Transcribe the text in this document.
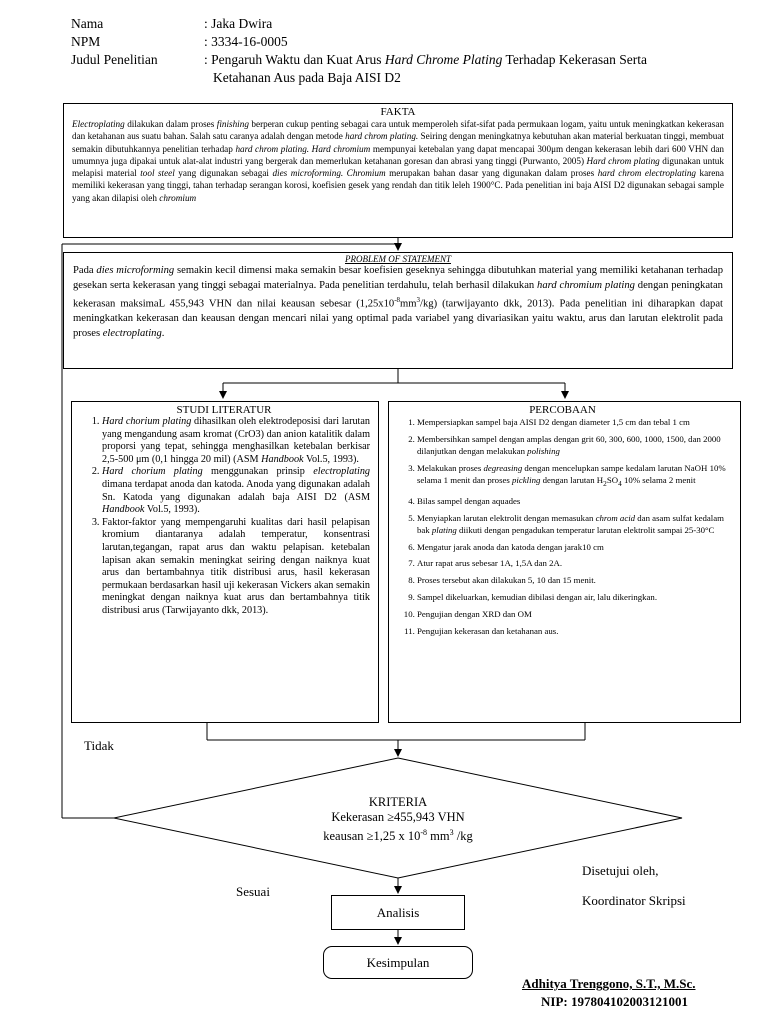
Nama	: Jaka Dwira
NPM	: 3334-16-0005
Judul Penelitian	: Pengaruh Waktu dan Kuat Arus Hard Chrome Plating Terhadap Kekerasan Serta
Ketahanan Aus pada Baja AISI D2
FAKTA
Electroplating dilakukan dalam proses finishing berperan cukup penting sebagai cara untuk memperoleh sifat-sifat pada permukaan logam, yaitu untuk meningkatkan kekerasan dan ketahanan aus suatu bahan. Salah satu caranya adalah dengan metode hard chrom plating. Seiring dengan meningkatnya kebutuhan akan material berkuatan tinggi, membuat semakin dibutuhkannya penelitian terhadap hard chrom plating. Hard chromium mempunyai ketebalan yang dapat mencapai 300μm dengan kekerasan lebih dari 600 VHN dan umumnya juga dipakai untuk alat-alat industri yang bergerak dan memerlukan ketahanan goresan dan abrasi yang tinggi (Purwanto, 2005) Hard chrom plating digunakan untuk melapisi material tool steel yang digunakan sebagai dies microforming. Chromium merupakan bahan dasar yang digunakan dalam proses hard chrom electroplating karena memiliki kekerasan yang tinggi, tahan terhadap serangan korosi, koefisien gesek yang rendah dan titik leleh 1900°C. Pada penelitian ini baja AISI D2 digunakan sebagai sample yang akan dilapisi oleh chromium
PROBLEM OF STATEMENT
Pada dies microforming semakin kecil dimensi maka semakin besar koefisien geseknya sehingga dibutuhkan material yang memiliki ketahanan terhadap gesekan serta kekerasan yang tinggi sebagai materialnya. Pada penelitian terdahulu, telah berhasil dilakukan hard chromium plating dengan peningkatan kekerasan maksimaL 455,943 VHN dan nilai keausan sebesar $(1,25x10^{-8}mm^3/kg)$ (tarwijayanto dkk, 2013). Pada penelitian ini diharapkan dapat meningkatkan kekerasan dan keausan dengan mencari nilai yang optimal pada variabel yang divariasikan yaitu waktu, arus dan larutan elektrolit pada proses electroplating.
STUDI LITERATUR
1. Hard chorium plating dihasilkan oleh elektrodeposisi dari larutan yang mengandung asam kromat (CrO3) dan anion katalitik dalam proporsi yang tepat, sehingga menghasilkan ketebalan berkisar 2,5-500 μm (0,1 hingga 20 mil) (ASM Handbook Vol.5, 1993).
2. Hard chorium plating menggunakan prinsip electroplating dimana terdapat anoda dan katoda. Anoda yang digunakan adalah Sn. Katoda yang digunakan adalah baja AISI D2 (ASM Handbook Vol.5, 1993).
3. Faktor-faktor yang mempengaruhi kualitas dari hasil pelapisan kromium diantaranya adalah temperatur, konsentrasi larutan,tegangan, rapat arus dan waktu pelapisan. ketebalan lapisan akan semakin meningkat seiring dengan naiknya kuat arus dan bertambahnya titik distribusi arus, hasil kekerasan permukaan berdasarkan hasil uji kekerasan Vickers akan semakin meningkat dengan naiknya kuat arus dan bertambahnya titik distribusi arus (Tarwijayanto dkk, 2013).
PERCOBAAN
1. Mempersiapkan sampel baja AISI D2 dengan diameter 1,5 cm dan tebal 1 cm
2. Membersihkan sampel dengan amplas dengan grit 60, 300, 600, 1000, 1500, dan 2000 dilanjutkan dengan melakukan polishing
3. Melakukan proses degreasing dengan mencelupkan sampe kedalam larutan NaOH 10% selama 1 menit dan proses pickling dengan larutan $H_2SO_4$ 10% selama 2 menit
4. Bilas sampel dengan aquades
5. Menyiapkan larutan elektrolit dengan memasukan chrom acid dan asam sulfat kedalam bak plating diikuti dengan pengadukan temperatur larutan elektrolit sampai 25-30°C
6. Mengatur jarak anoda dan katoda dengan jarak10 cm
7. Atur rapat arus sebesar 1A, 1,5A dan 2A.
8. Proses tersebut akan dilakukan 5, 10 dan 15 menit.
9. Sampel dikeluarkan, kemudian dibilasi dengan air, lalu dikeringkan.
10. Pengujian dengan XRD dan OM
11. Pengujian kekerasan dan ketahanan aus.
Tidak
KRITERIA
Kekerasan ≥455,943 VHN
keausan ≥1,25 x $10^{-8}$ $mm^3$ /kg
Sesuai
Analisis
Kesimpulan
Disetujui oleh,
Koordinator Skripsi
Adhitya Trenggono, S.T., M.Sc.
NIP: 197804102003121001
